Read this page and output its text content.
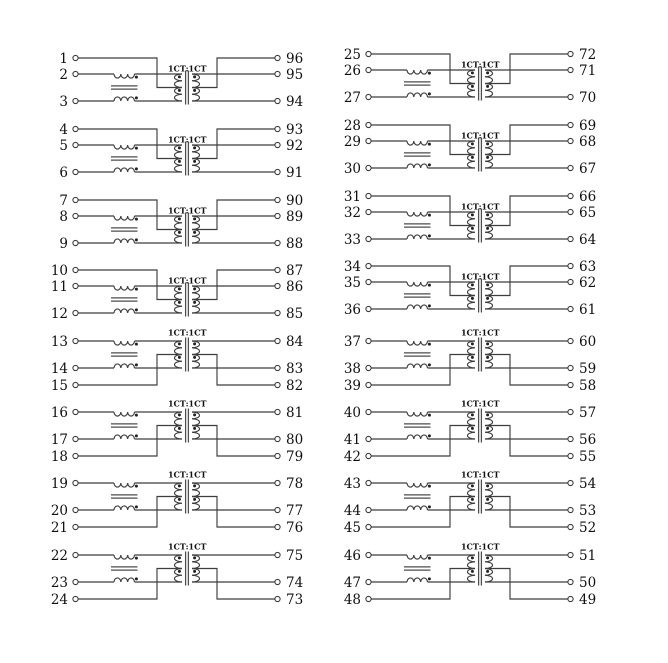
1	96
2	95
3	94
1CT:1CT
4	93
5	92
6	91
1CT:1CT
7	90
8	89
9	88
1CT:1CT
10	87
11	86
12	85
1CT:1CT
13	84
14	83
15	82
1CT:1CT
16	81
17	80
18	79
1CT:1CT
19	78
20	77
21	76
1CT:1CT
22	75
23	74
24	73
1CT:1CT
25	72
26	71
27	70
1CT:1CT
28	69
29	68
30	67
1CT:1CT
31	66
32	65
33	64
1CT:1CT
34	63
35	62
36	61
1CT:1CT
37	60
38	59
39	58
1CT:1CT
40	57
41	56
42	55
1CT:1CT
43	54
44	53
45	52
1CT:1CT
46	51
47	50
48	49
1CT:1CT
